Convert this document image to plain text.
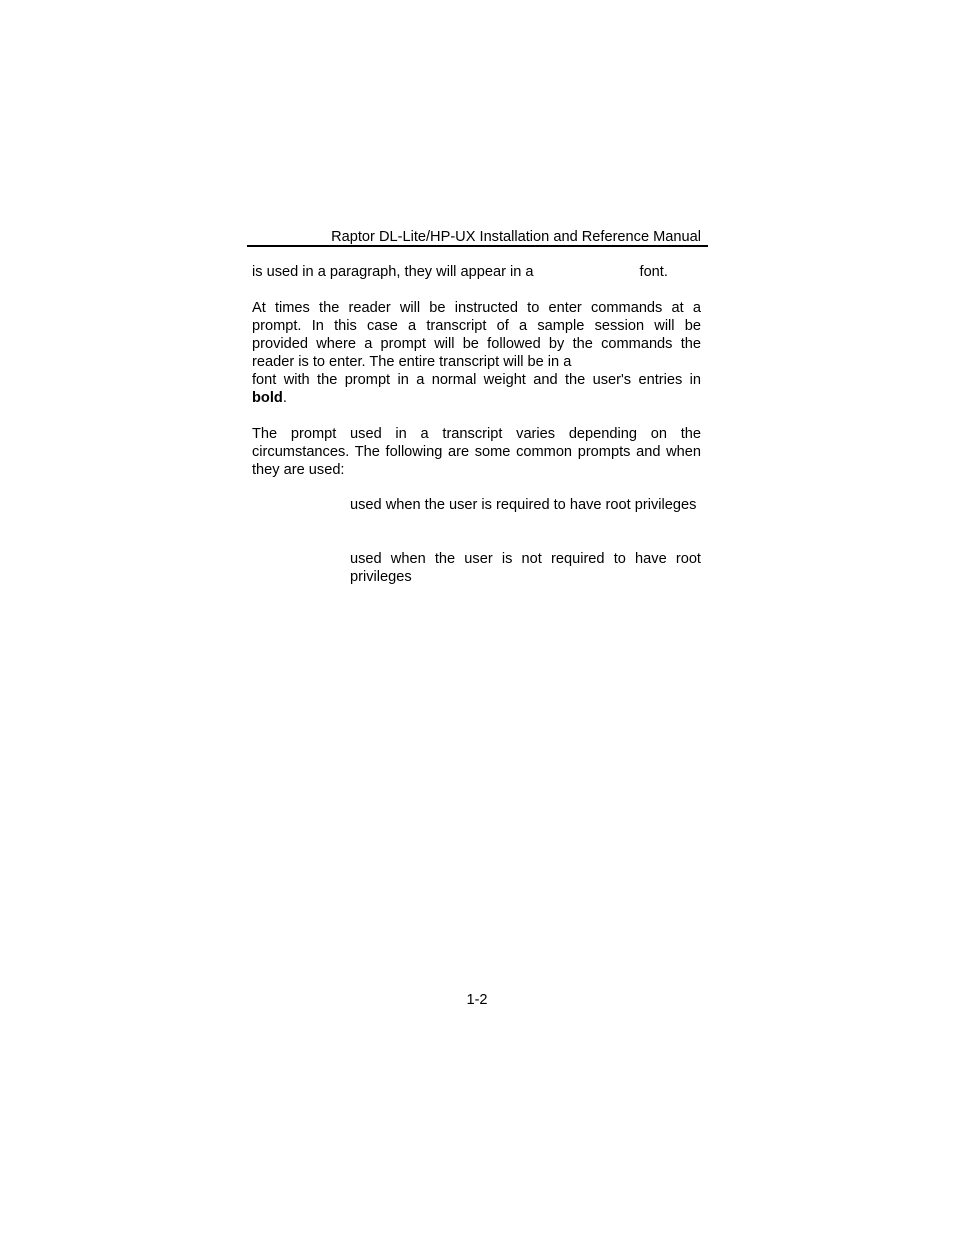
Raptor DL-Lite/HP-UX Installation and Reference Manual

is used in a paragraph, they will appear in a	font.

At times the reader will be instructed to enter commands at a
prompt. In this case a transcript of a sample session will be
provided where a prompt will be followed by the commands the
reader is to enter. The entire transcript will be in a
font with the prompt in a normal weight and the user's entries in
bold.

The prompt used in a transcript varies depending on the circumstances. The following are some common prompts and when they are used:

used when the user is required to have root privileges

used when the user is not required to have root privileges

1-2
